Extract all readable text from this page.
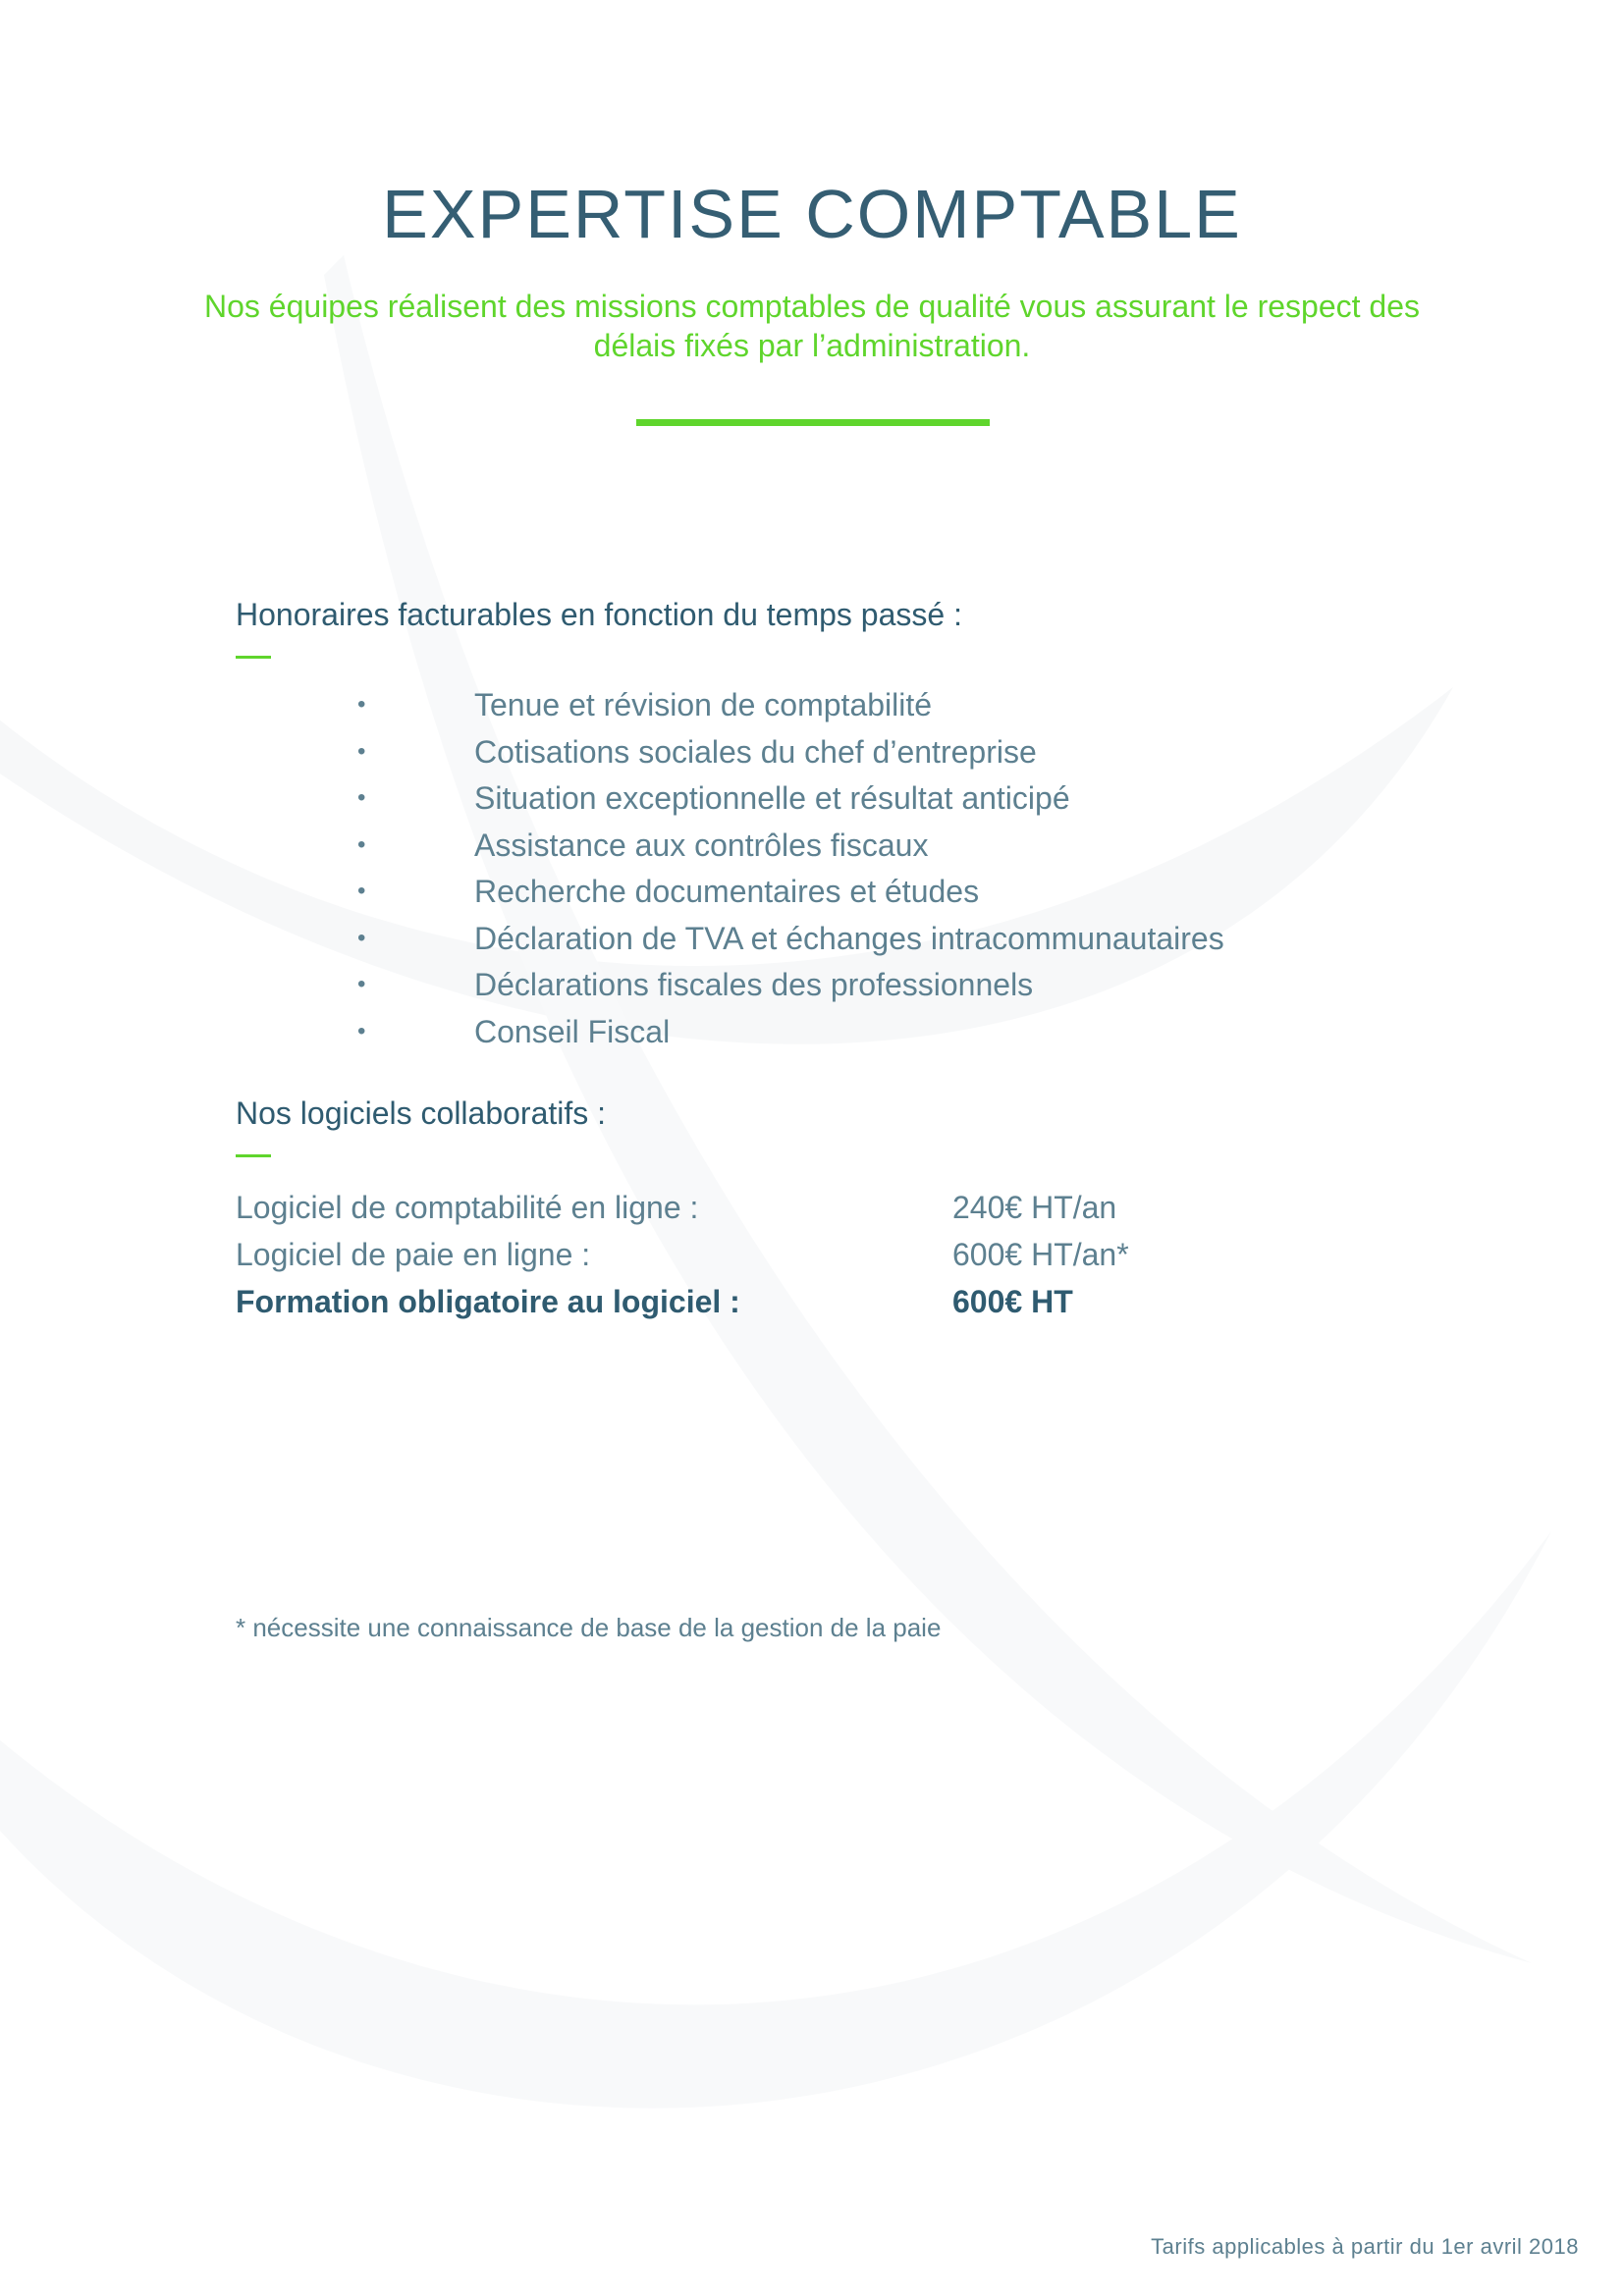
EXPERTISE COMPTABLE
Nos équipes réalisent des missions comptables de qualité vous assurant le respect des
délais fixés par l’administration.
Honoraires facturables en fonction du temps passé :
•	Tenue et révision de comptabilité
•	Cotisations sociales du chef d’entreprise
•	Situation exceptionnelle et résultat anticipé
•	Assistance aux contrôles fiscaux
•	Recherche documentaires et études
•	Déclaration de TVA et échanges intracommunautaires
•	Déclarations fiscales des professionnels
•	Conseil Fiscal
Nos logiciels collaboratifs :
Logiciel de comptabilité en ligne :	240€ HT/an
Logiciel de paie en ligne :	600€ HT/an*
Formation obligatoire au logiciel :	600€ HT
* nécessite une connaissance de base de la gestion de la paie
Tarifs applicables à partir du 1er avril 2018
